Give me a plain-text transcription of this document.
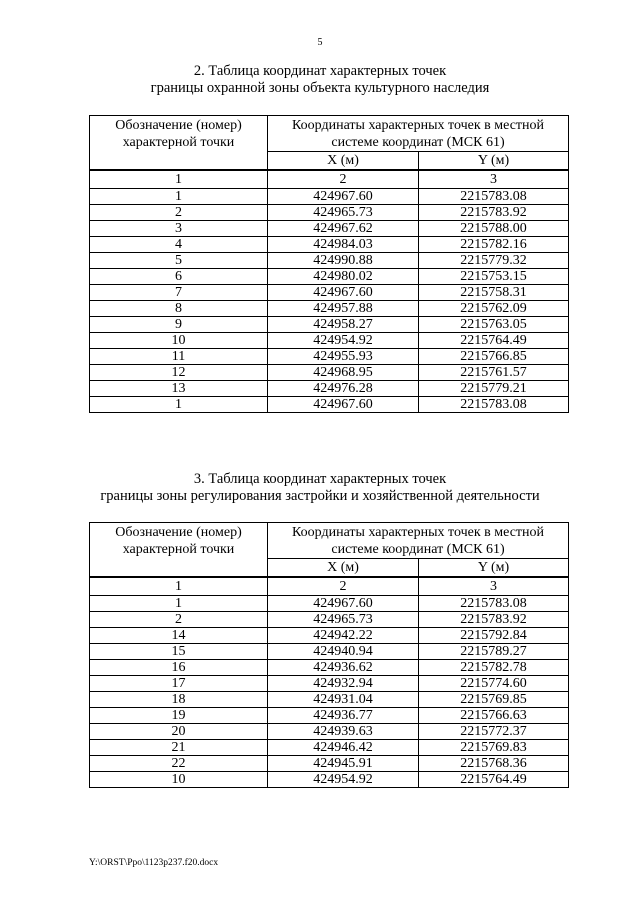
5
2. Таблица координат характерных точек
границы охранной зоны объекта культурного наследия
Обозначение (номер) характерной точки	Координаты характерных точек в местной системе координат (МСК 61)	
	X (м)	Y (м)
1	2	3
1	424967.60	2215783.08
2	424965.73	2215783.92
3	424967.62	2215788.00
4	424984.03	2215782.16
5	424990.88	2215779.32
6	424980.02	2215753.15
7	424967.60	2215758.31
8	424957.88	2215762.09
9	424958.27	2215763.05
10	424954.92	2215764.49
11	424955.93	2215766.85
12	424968.95	2215761.57
13	424976.28	2215779.21
1	424967.60	2215783.08
3. Таблица координат характерных точек
границы зоны регулирования застройки и хозяйственной деятельности
Обозначение (номер) характерной точки	Координаты характерных точек в местной системе координат (МСК 61)	
	X (м)	Y (м)
1	2	3
1	424967.60	2215783.08
2	424965.73	2215783.92
14	424942.22	2215792.84
15	424940.94	2215789.27
16	424936.62	2215782.78
17	424932.94	2215774.60
18	424931.04	2215769.85
19	424936.77	2215766.63
20	424939.63	2215772.37
21	424946.42	2215769.83
22	424945.91	2215768.36
10	424954.92	2215764.49
Y:\ORST\Ppo\1123p237.f20.docx
